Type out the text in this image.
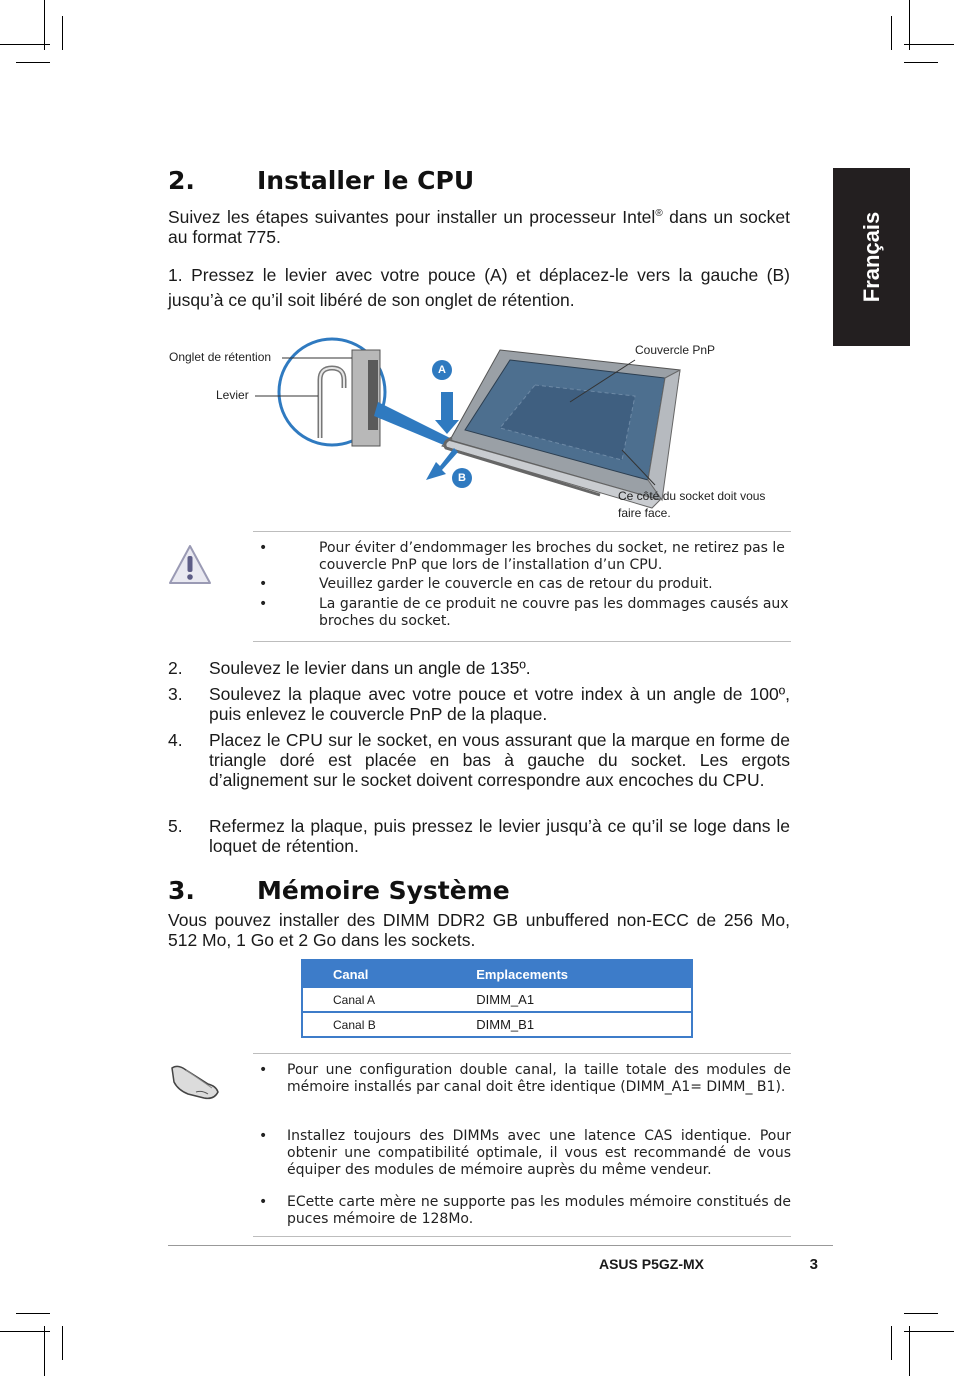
Français
2. Installer le CPU

Suivez les étapes suivantes pour installer un processeur Intel® dans un socket au format 775.

1. Pressez le levier avec votre pouce (A) et déplacez-le vers la gauche (B) jusqu’à ce qu’il soit libéré de son onglet de rétention.

Onglet de rétention
Levier
Couvercle PnP
Ce côté du socket doit vous faire face.
A
B
•	Pour éviter d’endommager les broches du socket, ne retirez pas le couvercle PnP que lors de l’installation d’un CPU.
•	Veuillez garder le couvercle en cas de retour du produit.
•	La garantie de ce produit ne couvre pas les dommages causés aux broches du socket.
2. Soulevez le levier dans un angle de 135º.
3. Soulevez la plaque avec votre pouce et votre index à un angle de 100º, puis enlevez le couvercle PnP de la plaque.
4. Placez le CPU sur le socket, en vous assurant que la marque en forme de triangle doré est placée en bas à gauche du socket. Les ergots d’alignement sur le socket doivent correspondre aux encoches du CPU.
5. Refermez la plaque, puis pressez le levier jusqu’à ce qu’il se loge dans le loquet de rétention.
3. Mémoire Système

Vous pouvez installer des DIMM DDR2 GB unbuffered non-ECC de 256 Mo, 512 Mo, 1 Go et 2 Go dans les sockets.

Canal	Emplacements
Canal A	DIMM_A1
Canal B	DIMM_B1
• Pour une configuration double canal, la taille totale des modules de mémoire installés par canal doit être identique (DIMM_A1= DIMM_ B1).
• Installez toujours des DIMMs avec une latence CAS identique. Pour obtenir une compatibilité optimale, il vous est recommandé de vous équiper des modules de mémoire auprès du même vendeur.
• ECette carte mère ne supporte pas les modules mémoire constitués de puces mémoire de 128Mo.
ASUS P5GZ-MX	3
